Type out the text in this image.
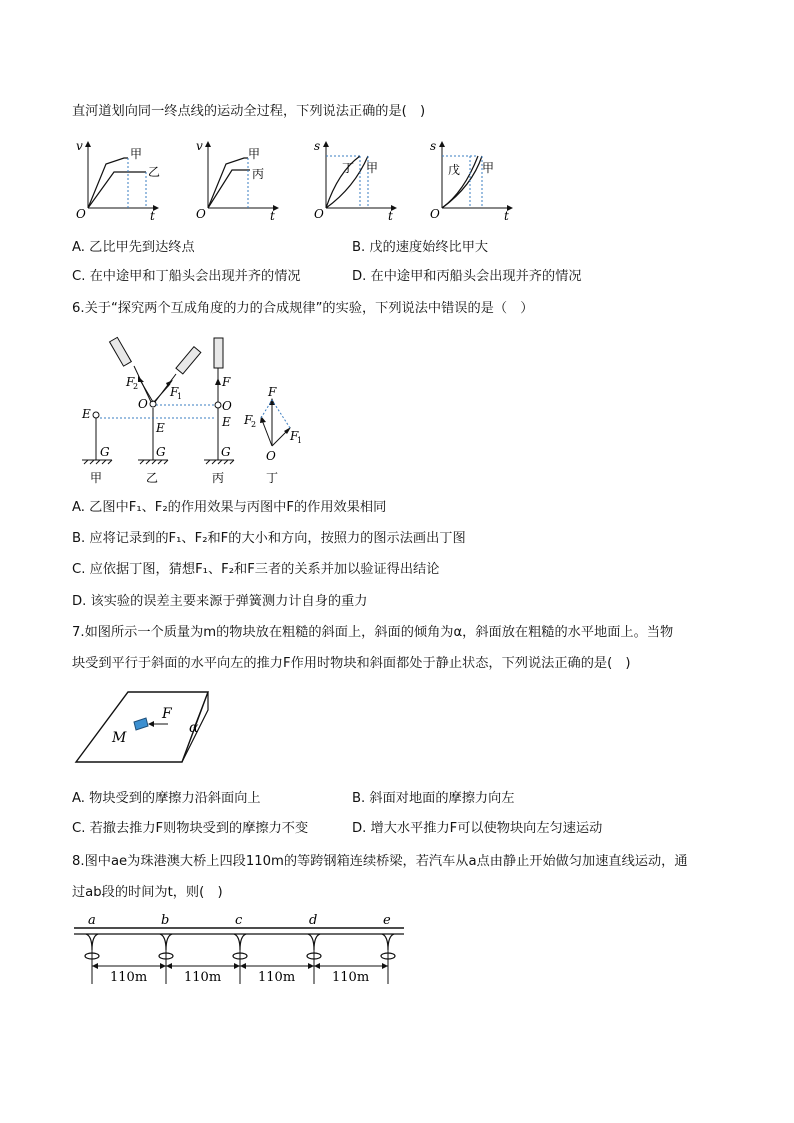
直河道划向同一终点线的运动全过程，下列说法正确的是(　)
v
t
O
甲
乙
v
t
O
甲
丙
s
t
O
丁 甲
s
t
O
戊 甲
A. 乙比甲先到达终点	B. 戊的速度始终比甲大
C. 在中途甲和丁船头会出现并齐的情况	D. 在中途甲和丙船头会出现并齐的情况
6.关于“探究两个互成角度的力的合成规律”的实验，下列说法中错误的是（　）
E
G	G	G
O
E
O
E
F
F
2	F
1	F
F
2
F
1
O
甲	乙	丙	丁
A. 乙图中F₁、F₂的作用效果与丙图中F的作用效果相同
B. 应将记录到的F₁、F₂和F的大小和方向，按照力的图示法画出丁图
C. 应依据丁图，猜想F₁、F₂和F三者的关系并加以验证得出结论
D. 该实验的误差主要来源于弹簧测力计自身的重力
7.如图所示一个质量为m的物块放在粗糙的斜面上，斜面的倾角为α，斜面放在粗糙的水平地面上。当物
块受到平行于斜面的水平向左的推力F作用时物块和斜面都处于静止状态，下列说法正确的是(　)
F
M
α
A. 物块受到的摩擦力沿斜面向上	B. 斜面对地面的摩擦力向左
C. 若撤去推力F则物块受到的摩擦力不变	D. 增大水平推力F可以使物块向左匀速运动
8.图中ae为珠港澳大桥上四段110m的等跨钢箱连续桥梁，若汽车从a点由静止开始做匀加速直线运动，通
过ab段的时间为t，则(　)
a	b	c	d	e
110m	110m	110m	110m
